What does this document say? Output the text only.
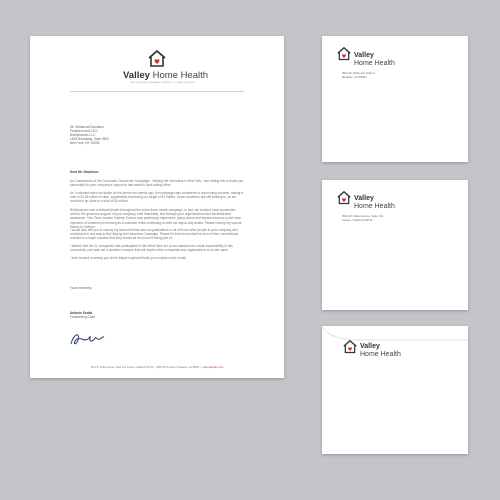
Valley Home Health
RECOVERING | REHABILITATING | HOME SERVICE
Mr. Mohamad Davidson
President and CEO
BioDynamics LLC
1535 Broadway, Suite 4503
New York, NY 10036
Dear Mr. Davidson:
As Chairwoman of the Corporate Conscience Campaign - Helping the Homeless in New York, I am writing this to thank you personally for your company's support in last month's fund-raising effort.
As I indicated when we spoke on the phone two weeks ago, the campaign was considered a resounding success, raising a total of $1.65 million to date, significantly exceeding our target of $1 million. Some donations are still trickling in, so we could end up close to a total of $2 million.
BioDynamics was a stalwart leader throughout the entire three-month campaign. In fact, we wouldn't have succeeded without the generous support of your company, both financially, and through your organizational and administrative assistance. Your Team Leader, Kathryn Gomez was particularly impressive, going above and beyond what we could have expected of someone performing as a volunteer while continuing on with her day-to-day duties. Please convey my special thanks to Kathryn.
I would also ask you to convey my sincere thanks and congratulations to all of those other people in your company who contributed in any way to the Helping the Homeless Campaign. Please let them know that the sum of their contributions resulted in a major success that they should all be proud of being part of.
I believe that the 21 companies that participated in this effort have set a new standard for social responsibility in this community, and have set a powerful example that will inspire other companies and organizations to do the same.
I look forward to seeing you at the Mayor's special thank-you reception next month.
Yours sincerely,
Antonin Scalia
Fundraising Chair
3511 W. Shaw Avenue, Suite 101, Fresno, California 93711  |  908 15th St Suite 2, Modesto, CA 95354  |  www.valleyhhs.com
Valley
Home Health
3511 W. Shaw Ave Suite 3
Modesto, CA 95354
Valley
Home Health
3511 W. Shaw Avenue, Suite 101
Fresno, California 93711
Valley
Home Health
